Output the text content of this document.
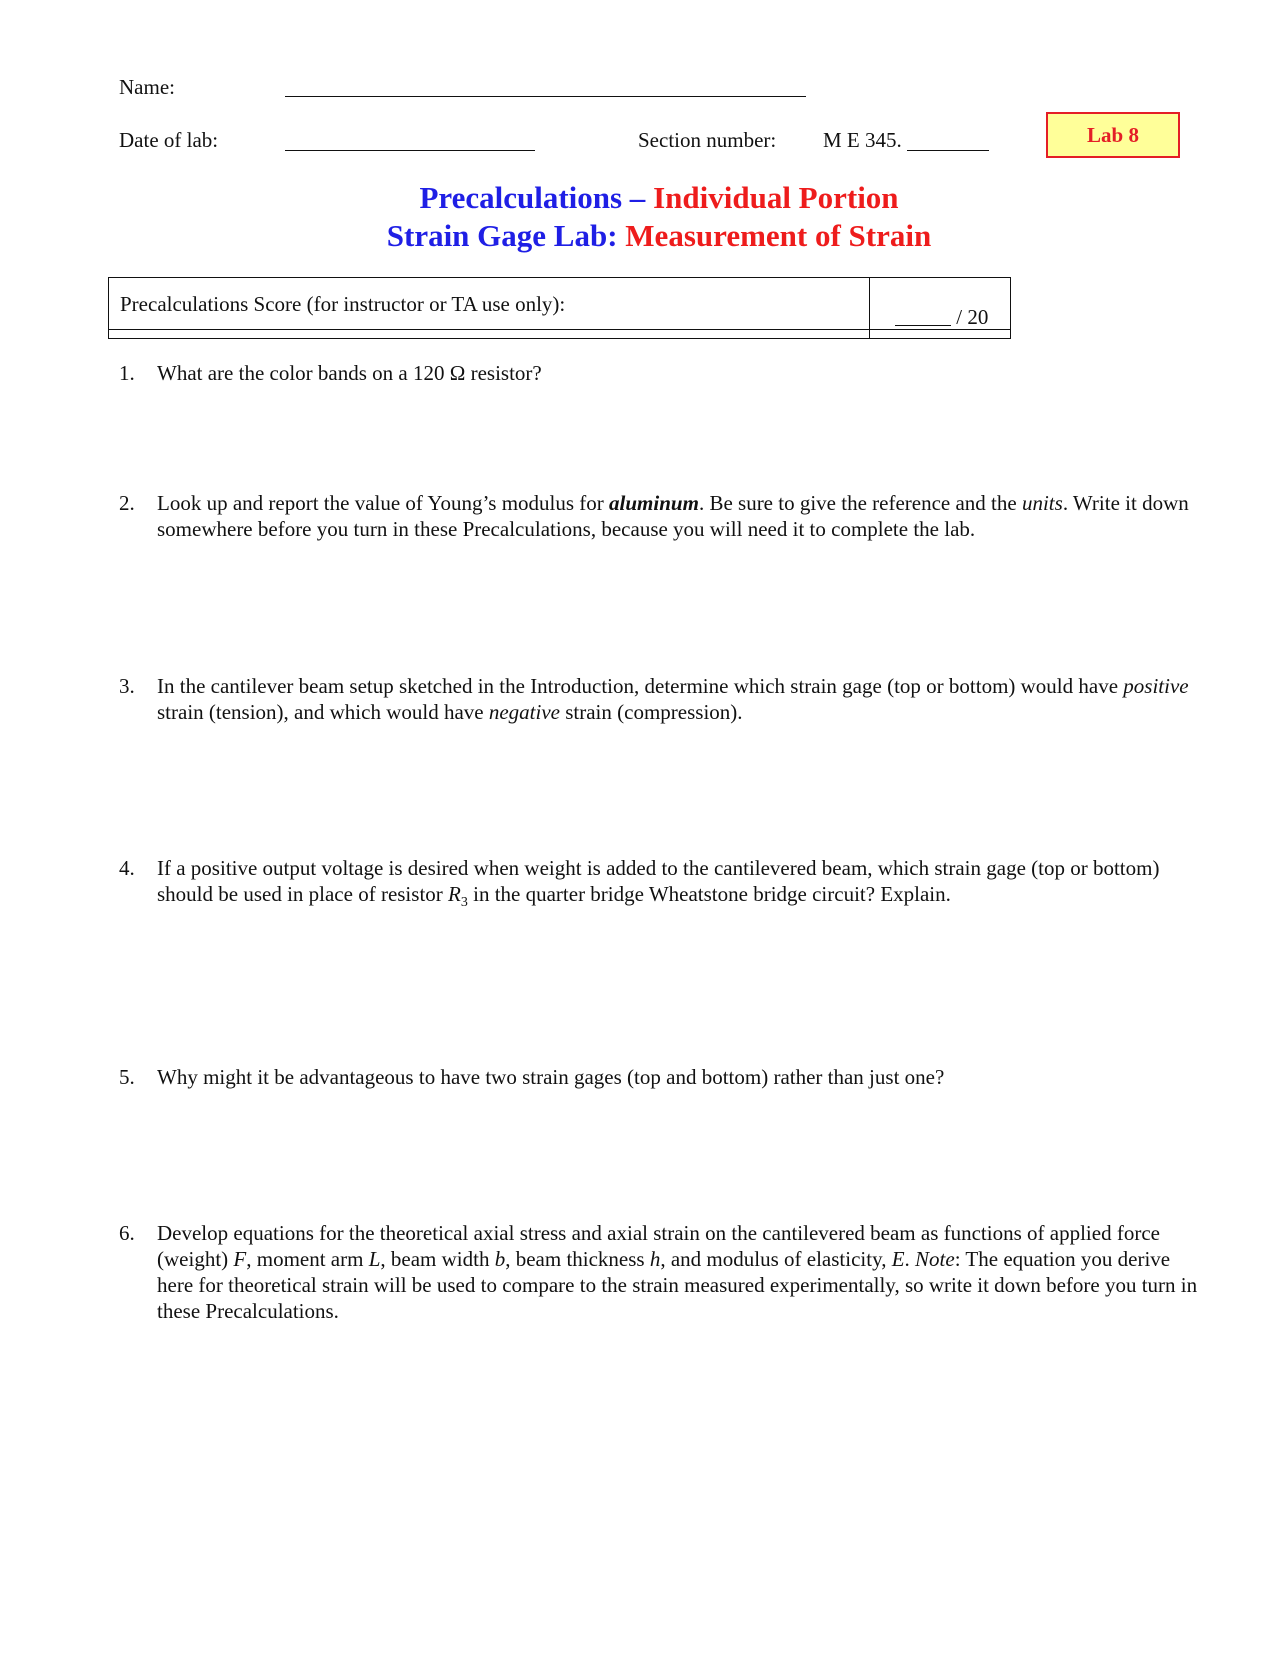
Name:
Date of lab:	Section number: M E 345.	Lab 8
Precalculations – Individual Portion
Strain Gage Lab: Measurement of Strain
Precalculations Score (for instructor or TA use only):
/ 20
1. What are the color bands on a 120 Ω resistor?
2. Look up and report the value of Young’s modulus for aluminum. Be sure to give the reference and the units. Write it down somewhere before you turn in these Precalculations, because you will need it to complete the lab.
3. In the cantilever beam setup sketched in the Introduction, determine which strain gage (top or bottom) would have positive strain (tension), and which would have negative strain (compression).
4. If a positive output voltage is desired when weight is added to the cantilevered beam, which strain gage (top or bottom) should be used in place of resistor $R_3$ in the quarter bridge Wheatstone bridge circuit? Explain.
5. Why might it be advantageous to have two strain gages (top and bottom) rather than just one?
6. Develop equations for the theoretical axial stress and axial strain on the cantilevered beam as functions of applied force (weight) F, moment arm L, beam width b, beam thickness h, and modulus of elasticity, E. Note: The equation you derive here for theoretical strain will be used to compare to the strain measured experimentally, so write it down before you turn in these Precalculations.
